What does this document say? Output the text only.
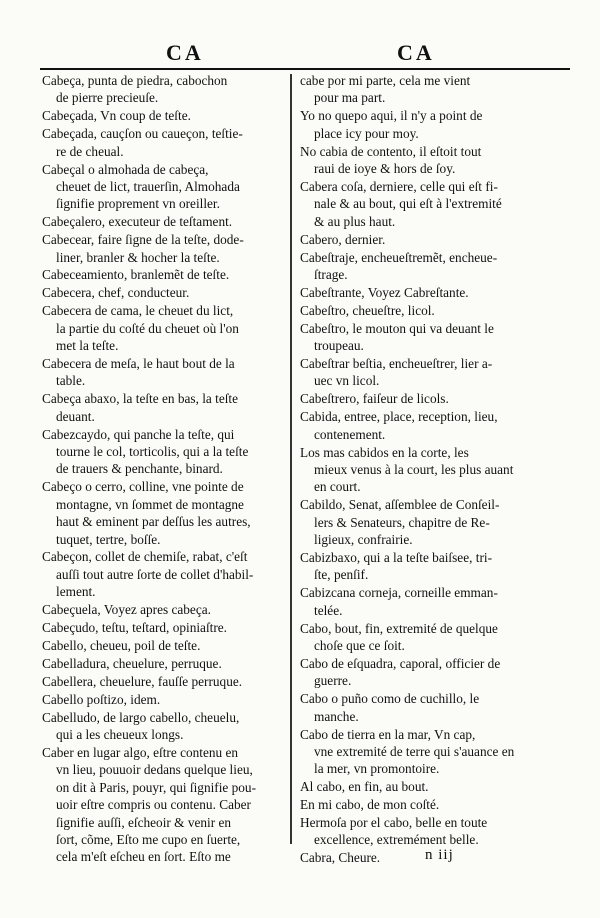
CA	CA
Cabeça, punta de piedra, cabochon
de pierre precieuſe.
Cabeçada, Vn coup de teſte.
Cabeçada, cauçſon ou caueçon, teſtie-
re de cheual.
Cabeçal o almohada de cabeça,
cheuet de lict, trauerſin, Almohada
ſignifie proprement vn oreiller.
Cabeçalero, executeur de teſtament.
Cabecear, faire ſigne de la teſte, dode-
liner, branler & hocher la teſte.
Cabeceamiento, branlemẽt de teſte.
Cabecera, chef, conducteur.
Cabecera de cama, le cheuet du lict,
la partie du coſté du cheuet où l'on
met la teſte.
Cabecera de meſa, le haut bout de la
table.
Cabeça abaxo, la teſte en bas, la teſte
deuant.
Cabezcaydo, qui panche la teſte, qui
tourne le col, torticolis, qui a la teſte
de trauers & penchante, binard.
Cabeço o cerro, colline, vne pointe de
montagne, vn ſommet de montagne
haut & eminent par deſſus les autres,
tuquet, tertre, boſſe.
Cabeçon, collet de chemiſe, rabat, c'eſt
auſſi tout autre ſorte de collet d'habil-
lement.
Cabeçuela, Voyez apres cabeça.
Cabeçudo, teſtu, teſtard, opiniaſtre.
Cabello, cheueu, poil de teſte.
Cabelladura, cheuelure, perruque.
Cabellera, cheuelure, fauſſe perruque.
Cabello poſtizo, idem.
Cabelludo, de largo cabello, cheuelu,
qui a les cheueux longs.
Caber en lugar algo, eſtre contenu en
vn lieu, pouuoir dedans quelque lieu,
on dit à Paris, pouyr, qui ſignifie pou-
uoir eſtre compris ou contenu. Caber
ſignifie auſſi, eſcheoir & venir en
ſort, cõme, Eſto me cupo en ſuerte,
cela m'eſt eſcheu en ſort. Eſto me
cabe por mi parte, cela me vient
pour ma part.
Yo no quepo aqui, il n'y a point de
place icy pour moy.
No cabia de contento, il eſtoit tout
raui de ioye & hors de ſoy.
Cabera coſa, derniere, celle qui eſt fi-
nale & au bout, qui eſt à l'extremité
& au plus haut.
Cabero, dernier.
Cabeſtraje, encheueſtremẽt, encheue-
ſtrage.
Cabeſtrante, Voyez Cabreſtante.
Cabeſtro, cheueſtre, licol.
Cabeſtro, le mouton qui va deuant le
troupeau.
Cabeſtrar beſtia, encheueſtrer, lier a-
uec vn licol.
Cabeſtrero, faiſeur de licols.
Cabida, entree, place, reception, lieu,
contenement.
Los mas cabidos en la corte, les
mieux venus à la court, les plus auant
en court.
Cabildo, Senat, aſſemblee de Conſeil-
lers & Senateurs, chapitre de Re-
ligieux, confrairie.
Cabizbaxo, qui a la teſte baiſsee, tri-
ſte, penſif.
Cabizcana corneja, corneille emman-
telée.
Cabo, bout, fin, extremité de quelque
choſe que ce ſoit.
Cabo de eſquadra, caporal, officier de
guerre.
Cabo o puño como de cuchillo, le
manche.
Cabo de tierra en la mar, Vn cap,
vne extremité de terre qui s'auance en
la mer, vn promontoire.
Al cabo, en fin, au bout.
En mi cabo, de mon coſté.
Hermoſa por el cabo, belle en toute
excellence, extremément belle.
Cabra, Cheure.	n iij
